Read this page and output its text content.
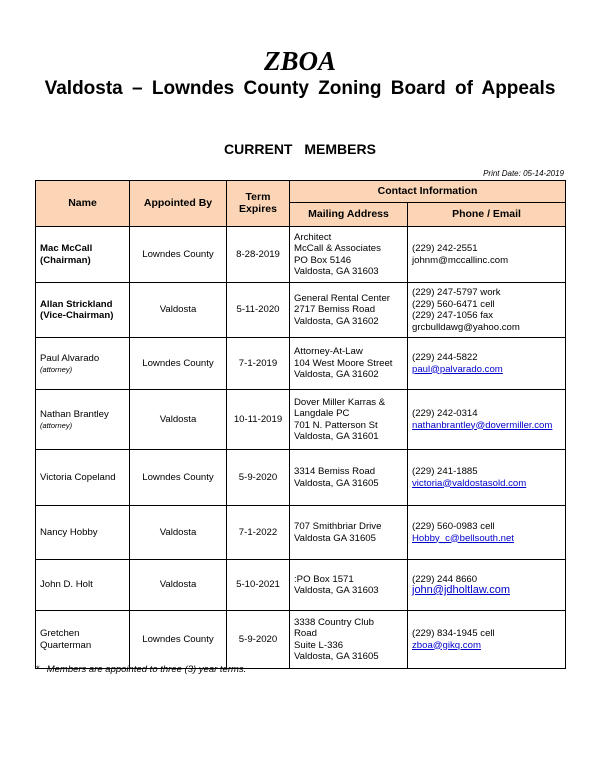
ZBOA
Valdosta – Lowndes County Zoning Board of Appeals
CURRENT MEMBERS
Print Date: 05-14-2019
Name	Appointed By	Term Expires	Contact Information	
			Mailing Address	Phone / Email

Mac McCall
(Chairman)	Lowndes County	8-28-2019	Architect
McCall & Associates
PO Box 5146
Valdosta, GA 31603	(229) 242-2551
johnm@mccallinc.com

Allan Strickland
(Vice-Chairman)	Valdosta	5-11-2020	General Rental Center
2717 Bemiss Road
Valdosta, GA 31602	(229) 247-5797 work
(229) 560-6471 cell
(229) 247-1056 fax
grcbulldawg@yahoo.com

Paul Alvarado
(attorney)	Lowndes County	7-1-2019	Attorney-At-Law
104 West Moore Street
Valdosta, GA 31602	(229) 244-5822
paul@palvarado.com

Nathan Brantley
(attorney)	Valdosta	10-11-2019	Dover Miller Karras &
Langdale PC
701 N. Patterson St
Valdosta, GA 31601	(229) 242-0314
nathanbrantley@dovermiller.com

Victoria Copeland	Lowndes County	5-9-2020	3314 Bemiss Road
Valdosta, GA 31605	(229) 241-1885
victoria@valdostasold.com

Nancy Hobby	Valdosta	7-1-2022	707 Smithbriar Drive
Valdosta GA 31605	(229) 560-0983 cell
Hobby_c@bellsouth.net

John D. Holt	Valdosta	5-10-2021	:PO Box 1571
Valdosta, GA 31603	(229) 244 8660
john@jdholtlaw.com

Gretchen
Quarterman	Lowndes County	5-9-2020	3338 Country Club
Road
Suite L-336
Valdosta, GA 31605	(229) 834-1945 cell
zboa@gikq.com
* Members are appointed to three (3) year terms.
